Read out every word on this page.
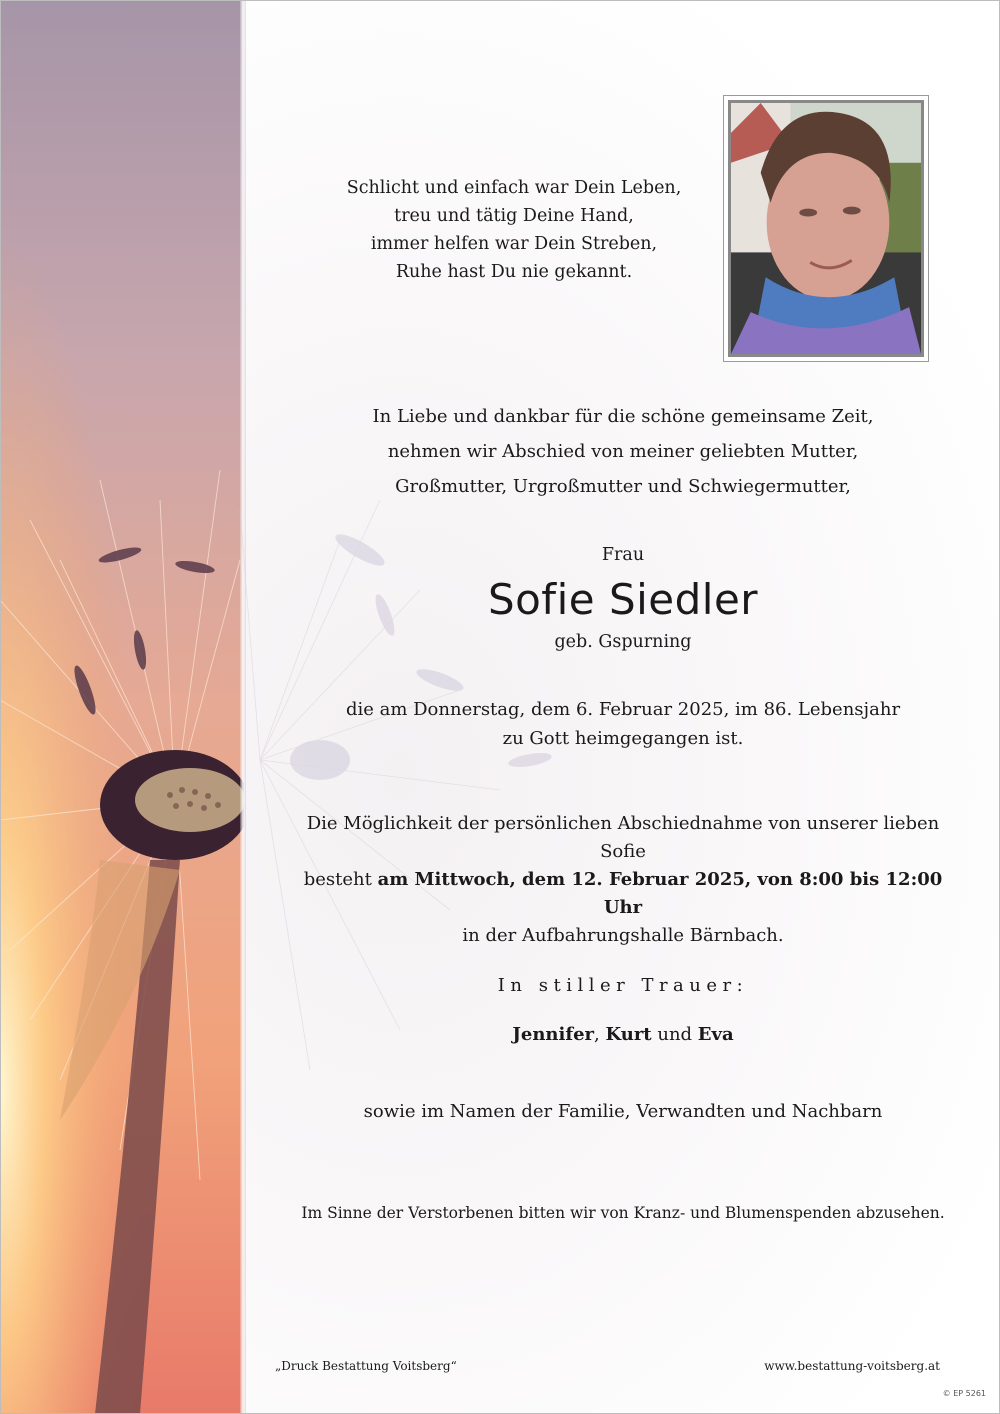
Schlicht und einfach war Dein Leben,
treu und tätig Deine Hand,
immer helfen war Dein Streben,
Ruhe hast Du nie gekannt.
In Liebe und dankbar für die schöne gemeinsame Zeit,
nehmen wir Abschied von meiner geliebten Mutter,
Großmutter, Urgroßmutter und Schwiegermutter,
Frau
Sofie Siedler
geb. Gspurning
die am Donnerstag, dem 6. Februar 2025, im 86. Lebensjahr
zu Gott heimgegangen ist.
Die Möglichkeit der persönlichen Abschiednahme von unserer lieben Sofie
besteht am Mittwoch, dem 12. Februar 2025, von 8:00 bis 12:00 Uhr
in der Aufbahrungshalle Bärnbach.
In stiller Trauer:
Jennifer, Kurt und Eva
sowie im Namen der Familie, Verwandten und Nachbarn
Im Sinne der Verstorbenen bitten wir von Kranz- und Blumenspenden abzusehen.
„Druck Bestattung Voitsberg“	www.bestattung-voitsberg.at
© EP 5261
